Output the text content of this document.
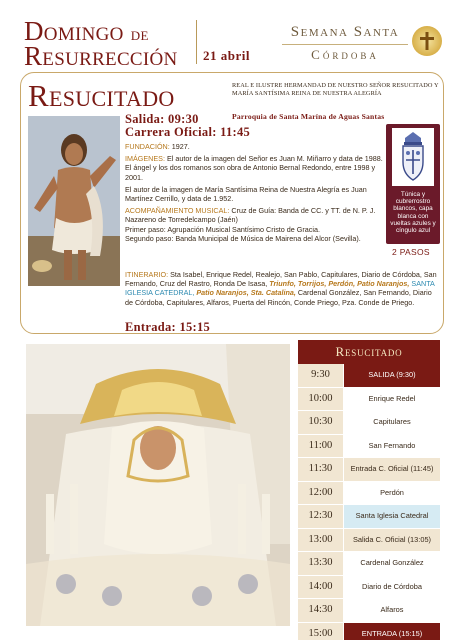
Domingo de
Resurrección	21 abril
Semana Santa
Córdoba
Resucitado	REAL E ILUSTRE HERMANDAD DE NUESTRO SEÑOR RESUCITADO Y MARÍA SANTÍSIMA REINA DE NUESTRA ALEGRÍA
Salida: 09:30
Carrera Oficial: 11:45
Parroquia de Santa Marína de Aguas Santas

FUNDACIÓN: 1927.

IMÁGENES: El autor de la imagen del Señor es Juan M. Miñarro y data de 1988. El ángel y los dos romanos son obra de Antonio Bernal Redondo, entre 1998 y 2001.

El autor de la imagen de María Santísima Reina de Nuestra Alegría es Juan Martínez Cerrillo, y data de 1.952.

ACOMPAÑAMIENTO MUSICAL: Cruz de Guía: Banda de CC. y TT. de N. P. J. Nazareno de Torredelcampo (Jaén)

Primer paso: Agrupación Musical Santísimo Cristo de Gracia.

Segundo paso: Banda Municipal de Música de Mairena del Alcor (Sevilla).

Túnica y cubrerrostro blancos, capa blanca con vueltas azules y cíngulo azul
2 PASOS
ITINERARIO: Sta Isabel, Enrique Redel, Realejo, San Pablo, Capitulares, Diario de Córdoba, San Fernando, Cruz del Rastro, Ronda De Isasa, Triunfo, Torrijos, Perdón, Patio Naranjos, SANTA IGLESIA CATEDRAL, Patio Naranjos, Sta. Catalina, Cardenal González, San Fernando, Diario de Córdoba, Capitulares, Alfaros, Puerta del Rincón, Conde Priego, Pza. Conde de Priego.
Entrada: 15:15
Resucitado
9:30	SALIDA (9:30)
10:00	Enrique Redel
10:30	Capitulares
11:00	San Fernando
11:30	Entrada C. Oficial (11:45)
12:00	Perdón
12:30	Santa Iglesia Catedral
13:00	Salida C. Oficial (13:05)
13:30	Cardenal González
14:00	Diario de Córdoba
14:30	Alfaros
15:00	ENTRADA (15:15)
